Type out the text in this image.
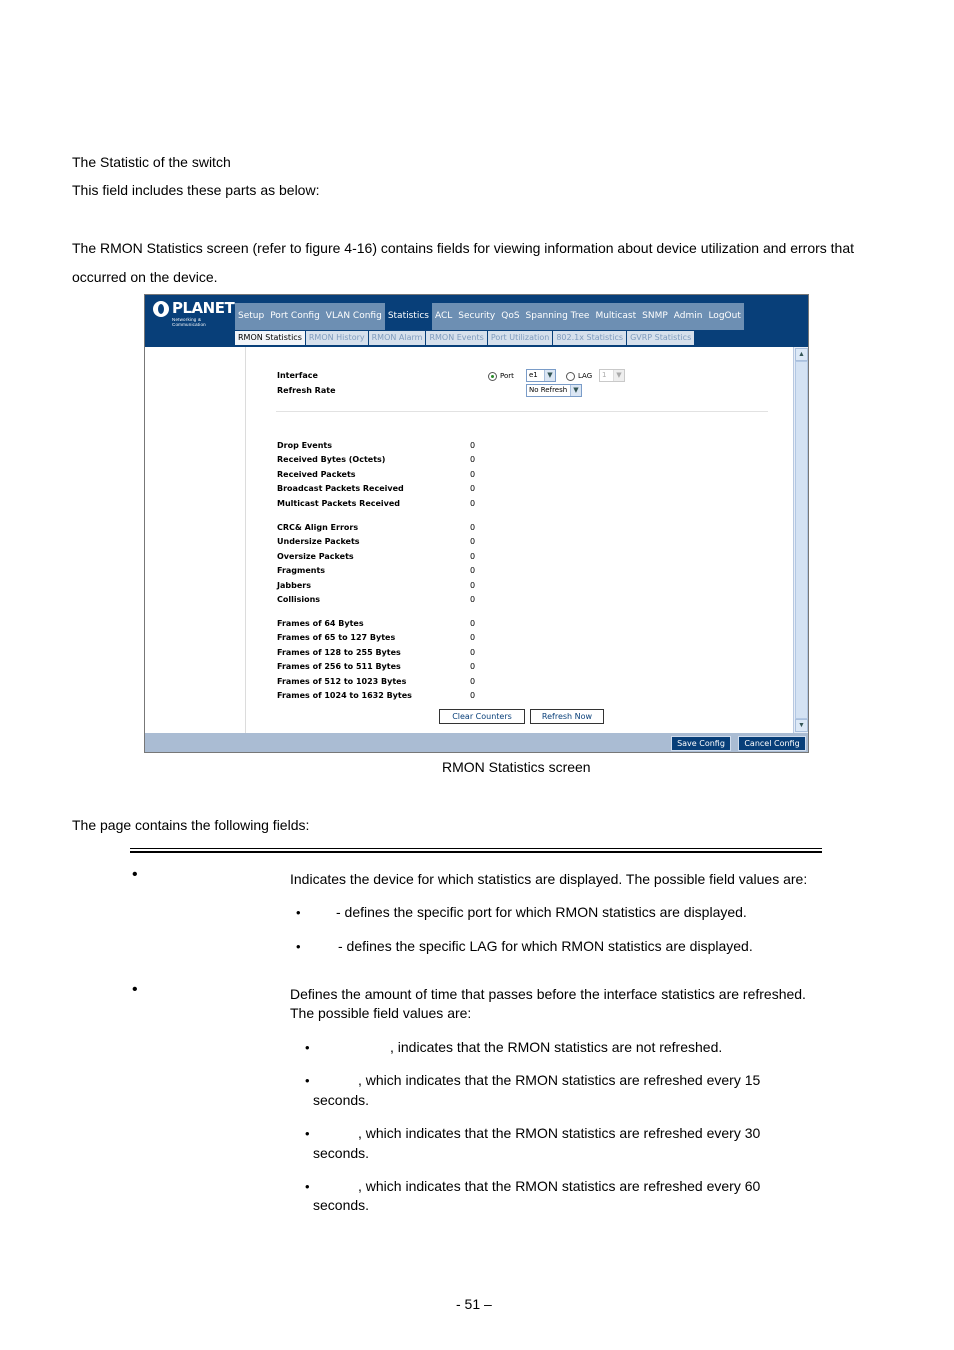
The Statistic of the switch
This field includes these parts as below:
The RMON Statistics screen (refer to figure 4-16) contains fields for viewing information about device utilization and errors that
occurred on the device.
PLANET
Networking & Communication
Setup Port Config VLAN Config Statistics ACL Security QoS Spanning Tree Multicast SNMP Admin LogOut
RMON Statistics RMON History RMON Alarm RMON Events Port Utilization 802.1x Statistics GVRP Statistics
Interface
Refresh Rate
Port e1	▼	LAG 1	▼
No Refresh ▼
Drop Events	0
Received Bytes (Octets)	0
Received Packets	0
Broadcast Packets Received	0
Multicast Packets Received	0
CRC& Align Errors	0
Undersize Packets	0
Oversize Packets	0
Fragments	0
Jabbers	0
Collisions	0
Frames of 64 Bytes	0
Frames of 65 to 127 Bytes	0
Frames of 128 to 255 Bytes	0
Frames of 256 to 511 Bytes	0
Frames of 512 to 1023 Bytes	0
Frames of 1024 to 1632 Bytes	0
Clear Counters	Refresh Now
▲
▼
Save Config	Cancel Config
RMON Statistics screen
The page contains the following fields:
•	Indicates the device for which statistics are displayed. The possible field values are:
•	- defines the specific port for which RMON statistics are displayed.
•	- defines the specific LAG for which RMON statistics are displayed.
•	Defines the amount of time that passes before the interface statistics are refreshed.
The possible field values are:
•	, indicates that the RMON statistics are not refreshed.
•	, which indicates that the RMON statistics are refreshed every 15
seconds.
•	, which indicates that the RMON statistics are refreshed every 30
seconds.
•	, which indicates that the RMON statistics are refreshed every 60
seconds.
- 51 –
